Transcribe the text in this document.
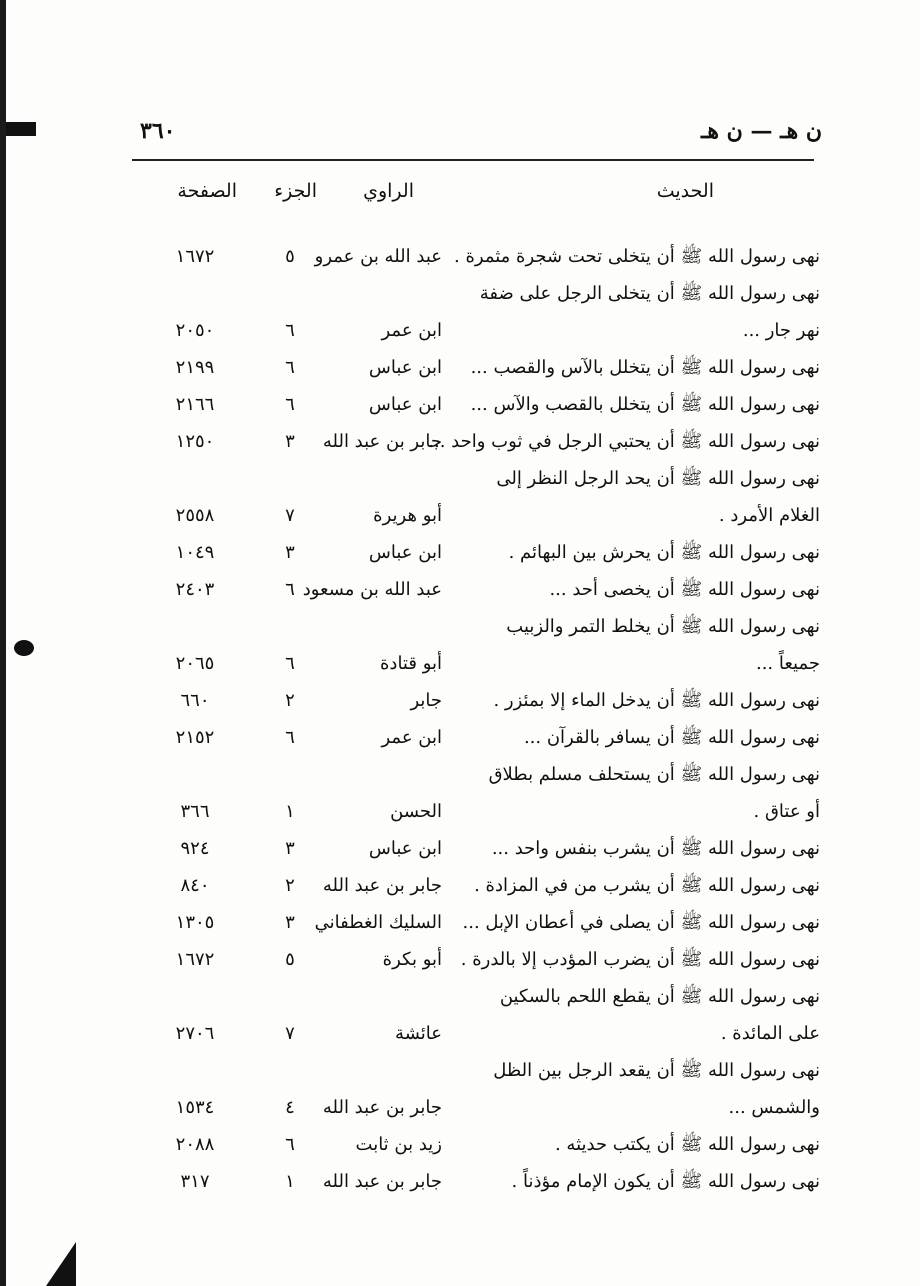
ن هـ — ن هـ
٣٦٠
الحديث
الراوي
الجزء
الصفحة
نهى رسول الله ﷺ أن يتخلى تحت شجرة مثمرة .
عبد الله بن عمرو
٥
١٦٧٢
نهى رسول الله ﷺ أن يتخلى الرجل على ضفة
نهر جار ...
ابن عمر
٦
٢٠٥٠
نهى رسول الله ﷺ أن يتخلل بالآس والقصب ...
ابن عباس
٦
٢١٩٩
نهى رسول الله ﷺ أن يتخلل بالقصب والآس ...
ابن عباس
٦
٢١٦٦
نهى رسول الله ﷺ أن يحتبي الرجل في ثوب واحد ...
جابر بن عبد الله
٣
١٢٥٠
نهى رسول الله ﷺ أن يحد الرجل النظر إلى
الغلام الأمرد .
أبو هريرة
٧
٢٥٥٨
نهى رسول الله ﷺ أن يحرش بين البهائم .
ابن عباس
٣
١٠٤٩
نهى رسول الله ﷺ أن يخصى أحد ...
عبد الله بن مسعود
٦
٢٤٠٣
نهى رسول الله ﷺ أن يخلط التمر والزبيب
جميعاً ...
أبو قتادة
٦
٢٠٦٥
نهى رسول الله ﷺ أن يدخل الماء إلا بمئزر .
جابر
٢
٦٦٠
نهى رسول الله ﷺ أن يسافر بالقرآن ...
ابن عمر
٦
٢١٥٢
نهى رسول الله ﷺ أن يستحلف مسلم بطلاق
أو عتاق .
الحسن
١
٣٦٦
نهى رسول الله ﷺ أن يشرب بنفس واحد ...
ابن عباس
٣
٩٢٤
نهى رسول الله ﷺ أن يشرب من في المزادة .
جابر بن عبد الله
٢
٨٤٠
نهى رسول الله ﷺ أن يصلى في أعطان الإبل ...
السليك الغطفاني
٣
١٣٠٥
نهى رسول الله ﷺ أن يضرب المؤدب إلا بالدرة .
أبو بكرة
٥
١٦٧٢
نهى رسول الله ﷺ أن يقطع اللحم بالسكين
على المائدة .
عائشة
٧
٢٧٠٦
نهى رسول الله ﷺ أن يقعد الرجل بين الظل
والشمس ...
جابر بن عبد الله
٤
١٥٣٤
نهى رسول الله ﷺ أن يكتب حديثه .
زيد بن ثابت
٦
٢٠٨٨
نهى رسول الله ﷺ أن يكون الإمام مؤذناً .
جابر بن عبد الله
١
٣١٧
